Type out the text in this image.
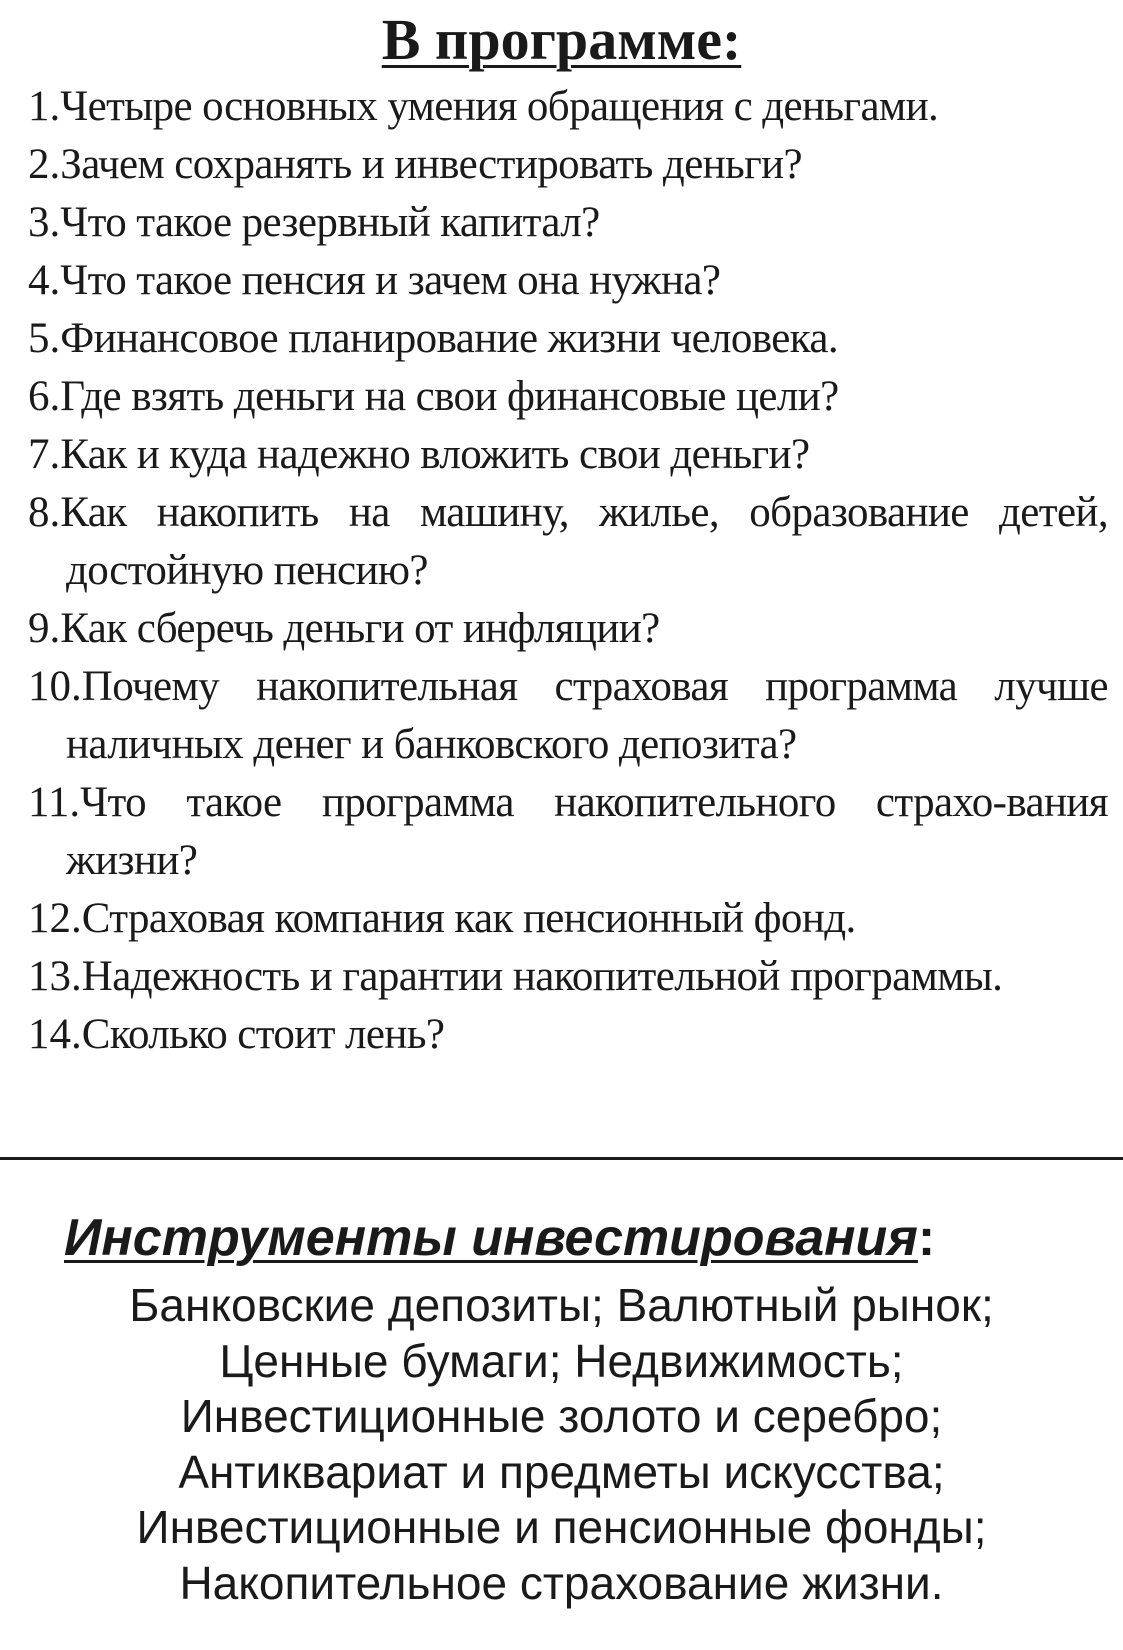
В программе:
1.Четыре основных умения обращения с деньгами.
2.Зачем сохранять и инвестировать деньги?
3.Что такое резервный капитал?
4.Что такое пенсия и зачем она нужна?
5.Финансовое планирование жизни человека.
6.Где взять деньги на свои финансовые цели?
7.Как и куда надежно вложить свои деньги?
8.Как накопить на машину, жилье, образование детей, достойную пенсию?
9.Как сберечь деньги от инфляции?
10.Почему накопительная страховая программа лучше наличных денег и банковского депозита?
11.Что такое программа накопительного страхо-вания жизни?
12.Страховая компания как пенсионный фонд.
13.Надежность и гарантии накопительной программы.
14.Сколько стоит лень?
Инструменты инвестирования:
Банковские депозиты; Валютный рынок;
Ценные бумаги; Недвижимость;
Инвестиционные золото и серебро;
Антиквариат и предметы искусства;
Инвестиционные и пенсионные фонды;
Накопительное страхование жизни.
